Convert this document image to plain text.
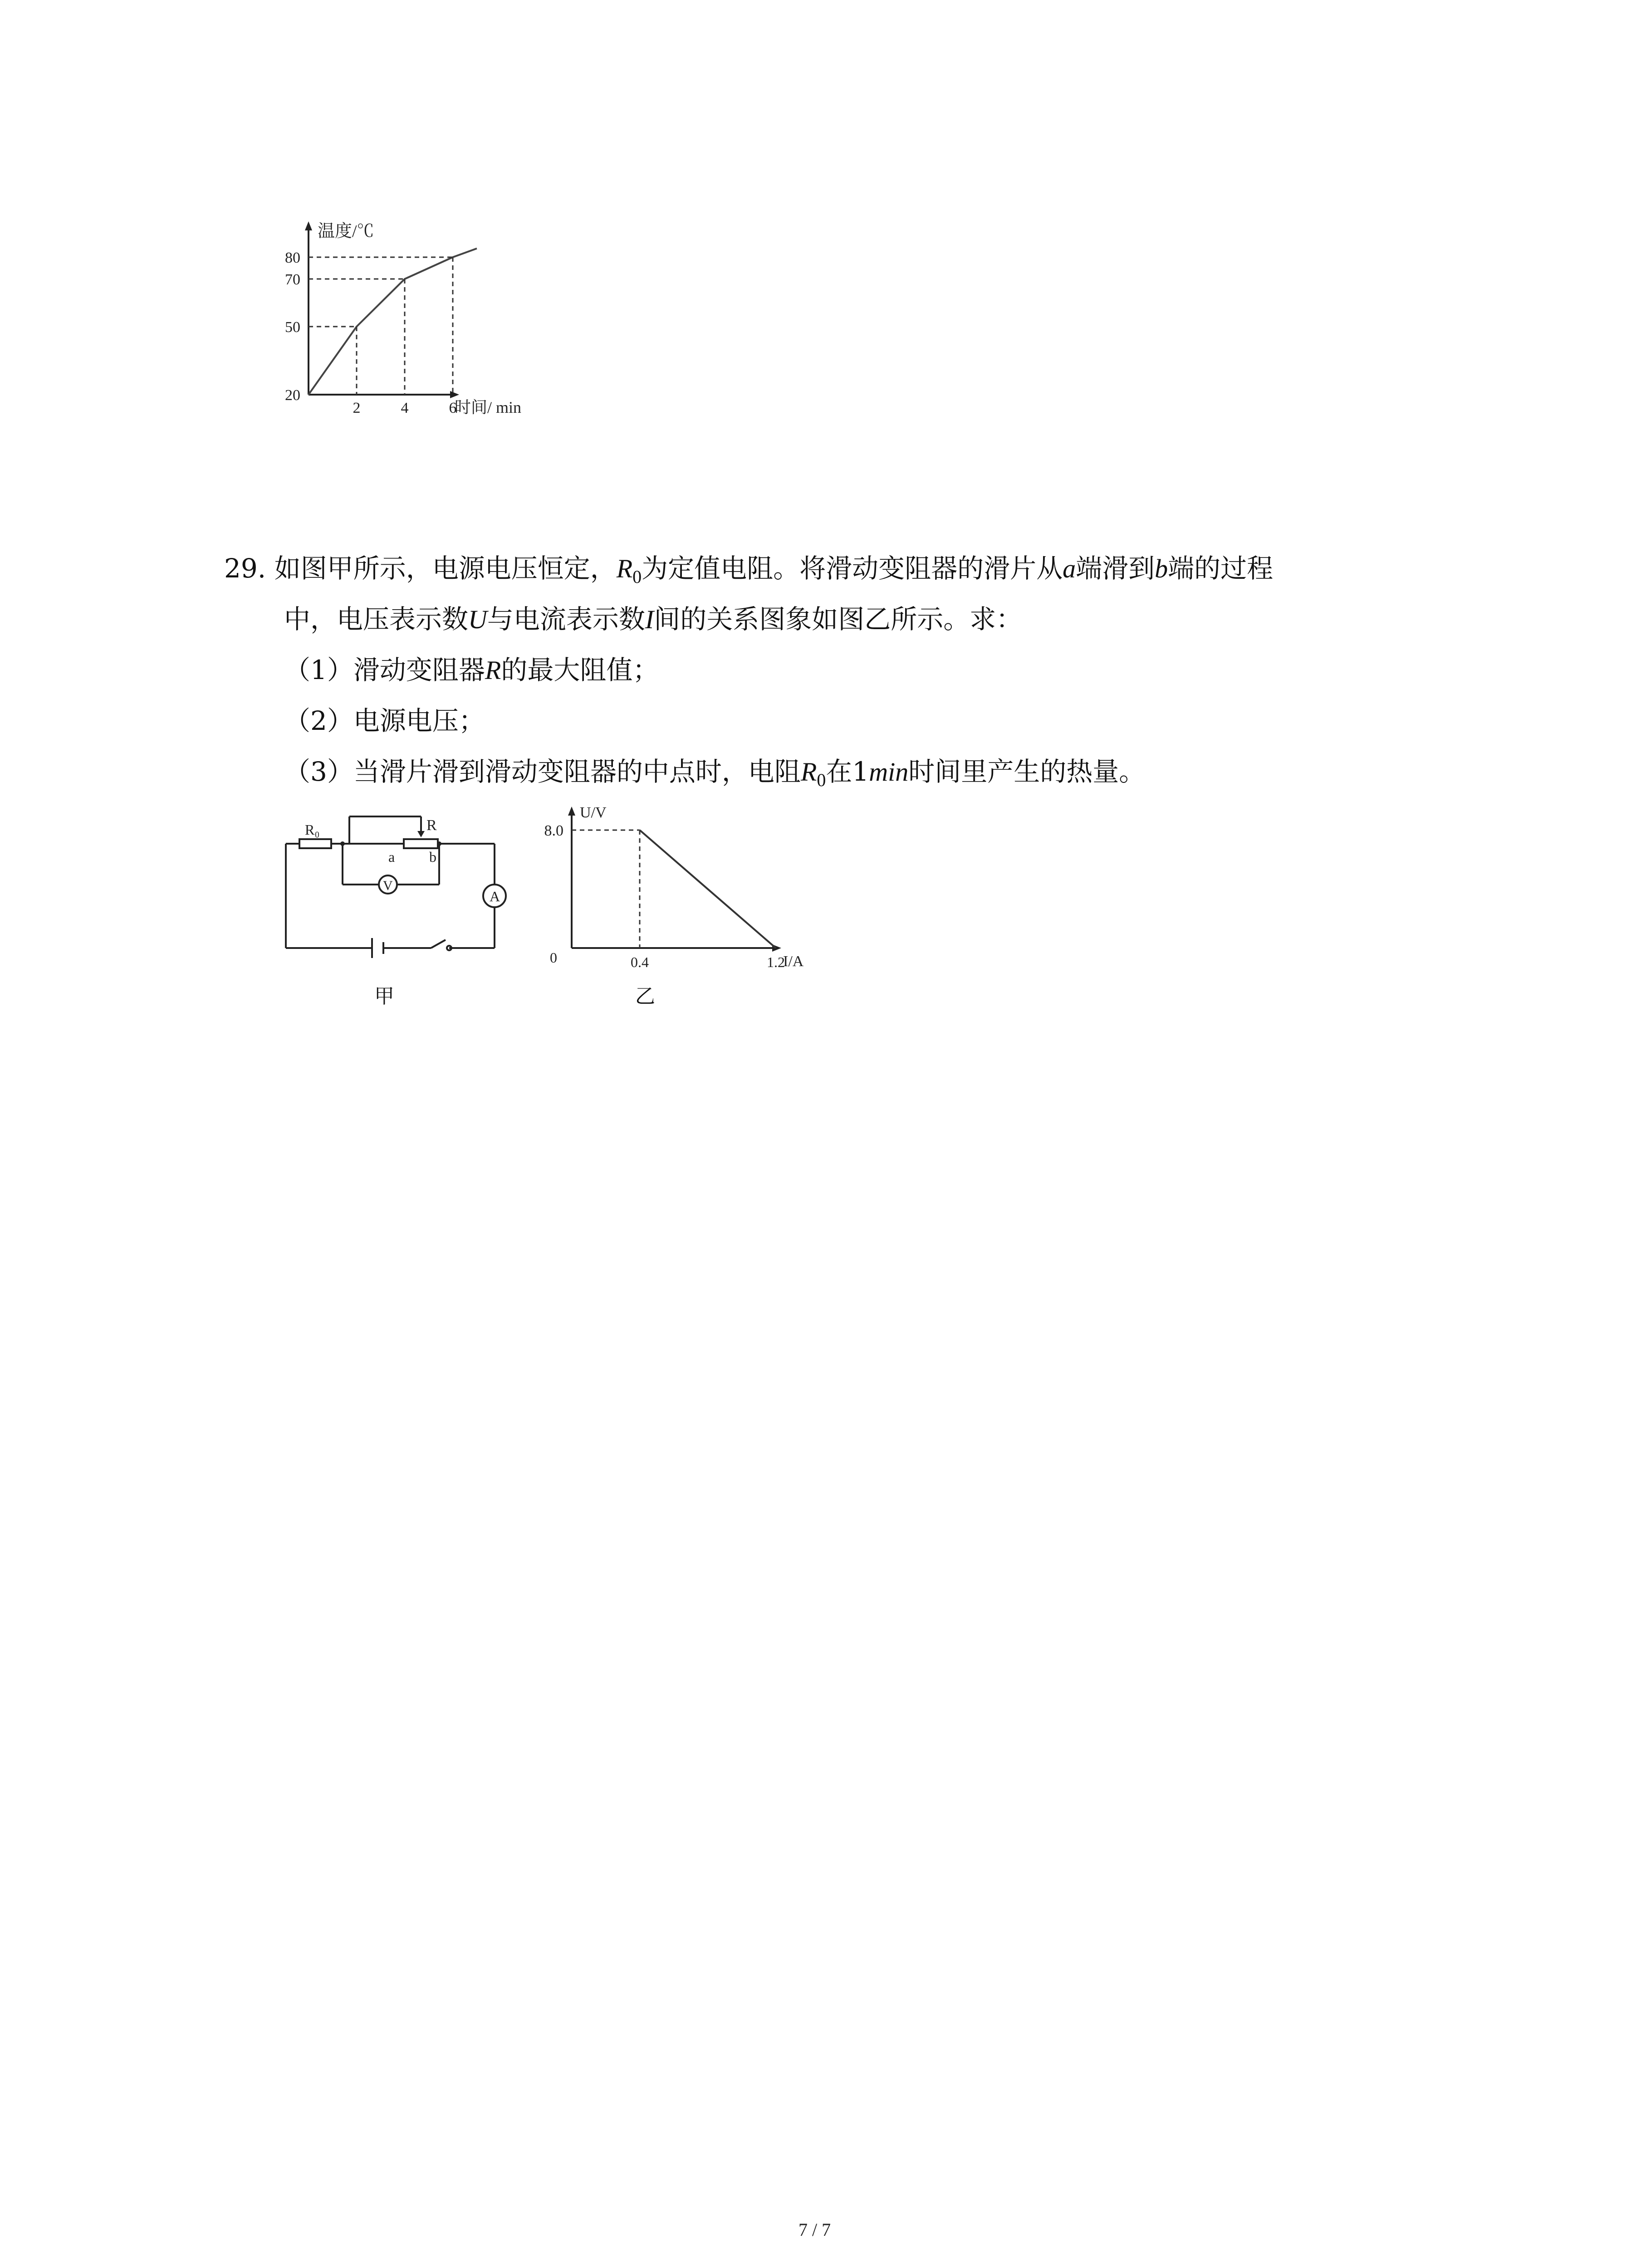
80
70
50
20
2	4	6
温度/℃
时间/ min
29. 如图甲所示，电源电压恒定，$R_0$为定值电阻。将滑动变阻器的滑片从a端滑到b端的过程
中，电压表示数U与电流表示数I间的关系图象如图乙所示。求：
（1）滑动变阻器R的最大阻值；
（2）电源电压；
（3）当滑片滑到滑动变阻器的中点时，电阻$R_0$在1min时间里产生的热量。
R₀	R
a b
V
A
甲
8.0
0.4	1.2
U/V
I/A
0
乙
7 / 7
